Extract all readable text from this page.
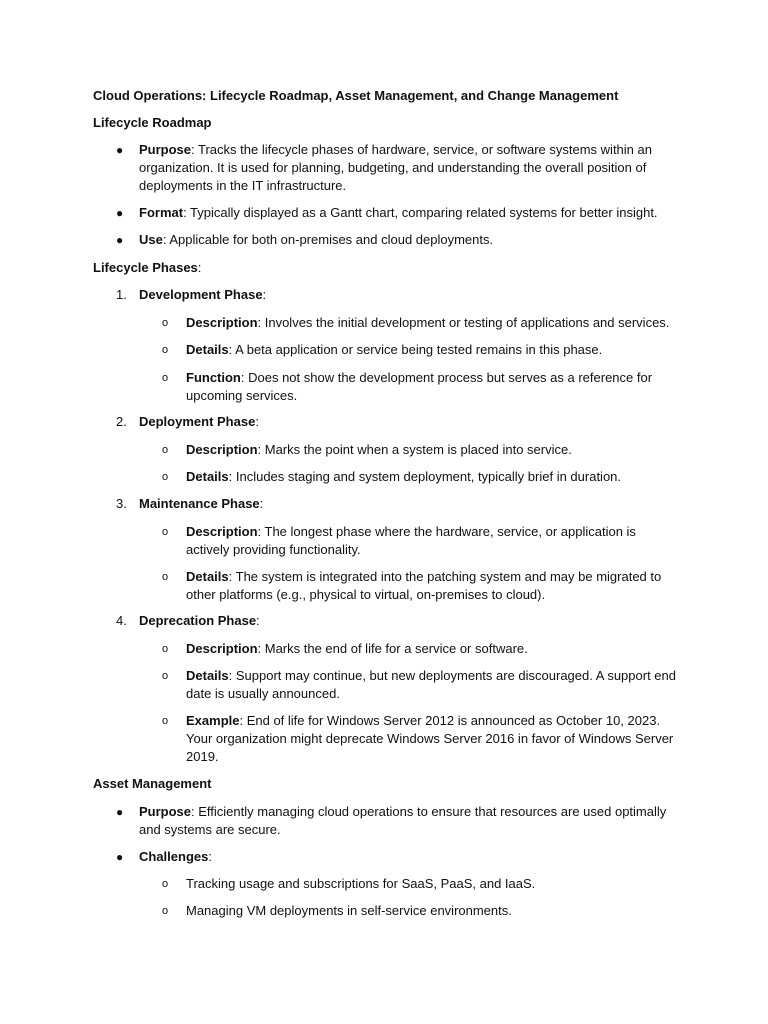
Cloud Operations: Lifecycle Roadmap, Asset Management, and Change Management
Lifecycle Roadmap
● Purpose: Tracks the lifecycle phases of hardware, service, or software systems within an organization. It is used for planning, budgeting, and understanding the overall position of deployments in the IT infrastructure.
● Format: Typically displayed as a Gantt chart, comparing related systems for better insight.
● Use: Applicable for both on-premises and cloud deployments.
Lifecycle Phases:
1. Development Phase:
o Description: Involves the initial development or testing of applications and services.
o Details: A beta application or service being tested remains in this phase.
o Function: Does not show the development process but serves as a reference for upcoming services.
2. Deployment Phase:
o Description: Marks the point when a system is placed into service.
o Details: Includes staging and system deployment, typically brief in duration.
3. Maintenance Phase:
o Description: The longest phase where the hardware, service, or application is actively providing functionality.
o Details: The system is integrated into the patching system and may be migrated to other platforms (e.g., physical to virtual, on-premises to cloud).
4. Deprecation Phase:
o Description: Marks the end of life for a service or software.
o Details: Support may continue, but new deployments are discouraged. A support end date is usually announced.
o Example: End of life for Windows Server 2012 is announced as October 10, 2023. Your organization might deprecate Windows Server 2016 in favor of Windows Server 2019.
Asset Management
● Purpose: Efficiently managing cloud operations to ensure that resources are used optimally and systems are secure.
● Challenges:
o Tracking usage and subscriptions for SaaS, PaaS, and IaaS.
o Managing VM deployments in self-service environments.
